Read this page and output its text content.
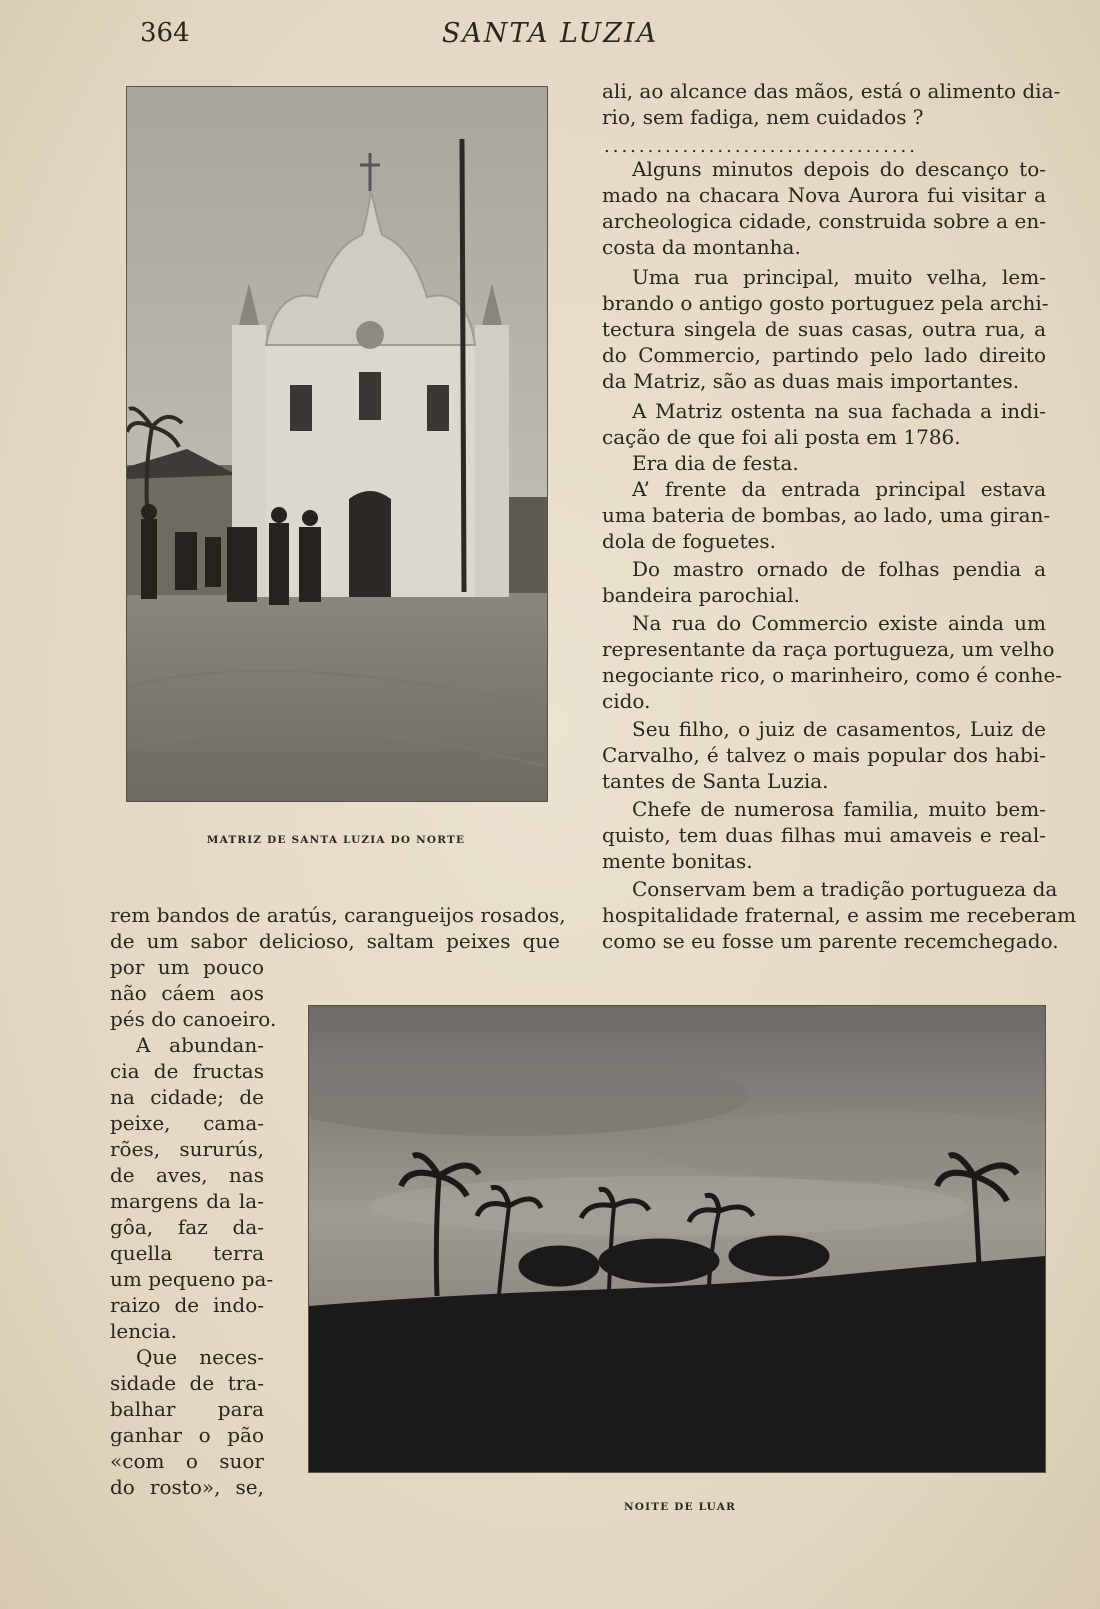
364	SANTA LUZIA
MATRIZ DE SANTA LUZIA DO NORTE
NOITE DE LUAR
ali, ao alcance das mãos, está o alimento dia-
rio, sem fadiga, nem cuidados ?
....................................
Alguns minutos depois do descanço to-
mado na chacara Nova Aurora fui visitar a
archeologica cidade, construida sobre a en-
costa da montanha.
Uma rua principal, muito velha, lem-
brando o antigo gosto portuguez pela archi-
tectura singela de suas casas, outra rua, a
do Commercio, partindo pelo lado direito
da Matriz, são as duas mais importantes.
A Matriz ostenta na sua fachada a indi-
cação de que foi ali posta em 1786.
Era dia de festa.
A’ frente da entrada principal estava
uma bateria de bombas, ao lado, uma giran-
dola de foguetes.
Do mastro ornado de folhas pendia a
bandeira parochial.
Na rua do Commercio existe ainda um
representante da raça portugueza, um velho
negociante rico, o marinheiro, como é conhe-
cido.
Seu filho, o juiz de casamentos, Luiz de
Carvalho, é talvez o mais popular dos habi-
tantes de Santa Luzia.
Chefe de numerosa familia, muito bem-
quisto, tem duas filhas mui amaveis e real-
mente bonitas.
Conservam bem a tradição portugueza da
hospitalidade fraternal, e assim me receberam
como se eu fosse um parente recemchegado.
rem bandos de aratús, carangueijos rosados,
de um sabor delicioso, saltam peixes que
por um pouco
não cáem aos
pés do canoeiro.
A abundan-
cia de fructas
na cidade; de
peixe, cama-
rões, sururús,
de aves, nas
margens da la-
gôa, faz da-
quella terra
um pequeno pa-
raizo de indo-
lencia.
Que neces-
sidade de tra-
balhar para
ganhar o pão
«com o suor
do rosto», se,
